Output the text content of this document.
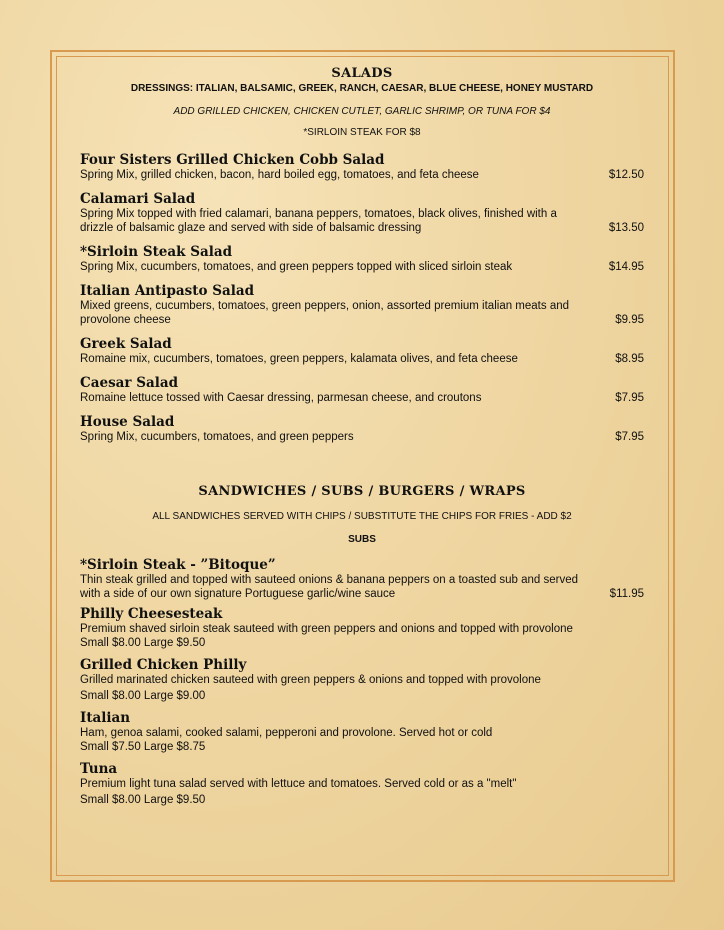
SALADS
DRESSINGS: ITALIAN, BALSAMIC, GREEK, RANCH, CAESAR, BLUE CHEESE, HONEY MUSTARD
ADD GRILLED CHICKEN, CHICKEN CUTLET, GARLIC SHRIMP, OR TUNA FOR $4
*SIRLOIN STEAK FOR $8
Four Sisters Grilled Chicken Cobb Salad
Spring Mix, grilled chicken, bacon, hard boiled egg, tomatoes, and feta cheese	$12.50
Calamari Salad
Spring Mix topped with fried calamari, banana peppers, tomatoes, black olives, finished with a drizzle of balsamic glaze and served with side of balsamic dressing	$13.50
*Sirloin Steak Salad
Spring Mix, cucumbers, tomatoes, and green peppers topped with sliced sirloin steak	$14.95
Italian Antipasto Salad
Mixed greens, cucumbers, tomatoes, green peppers, onion, assorted premium italian meats and provolone cheese	$9.95
Greek Salad
Romaine mix, cucumbers, tomatoes, green peppers, kalamata olives, and feta cheese	$8.95
Caesar Salad
Romaine lettuce tossed with Caesar dressing, parmesan cheese, and croutons	$7.95
House Salad
Spring Mix, cucumbers, tomatoes, and green peppers	$7.95
SANDWICHES / SUBS / BURGERS / WRAPS
ALL SANDWICHES SERVED WITH CHIPS / SUBSTITUTE THE CHIPS FOR FRIES - ADD $2
SUBS
*Sirloin Steak - ”Bitoque”
Thin steak grilled and topped with sauteed onions & banana peppers on a toasted sub and served with a side of our own signature Portuguese garlic/wine sauce	$11.95
Philly Cheesesteak
Premium shaved sirloin steak sauteed with green peppers and onions and topped with provolone
Small $8.00 Large $9.50
Grilled Chicken Philly
Grilled marinated chicken sauteed with green peppers & onions and topped with provolone
Small $8.00 Large $9.00
Italian
Ham, genoa salami, cooked salami, pepperoni and provolone. Served hot or cold
Small $7.50 Large $8.75
Tuna
Premium light tuna salad served with lettuce and tomatoes. Served cold or as a "melt"
Small $8.00 Large $9.50
